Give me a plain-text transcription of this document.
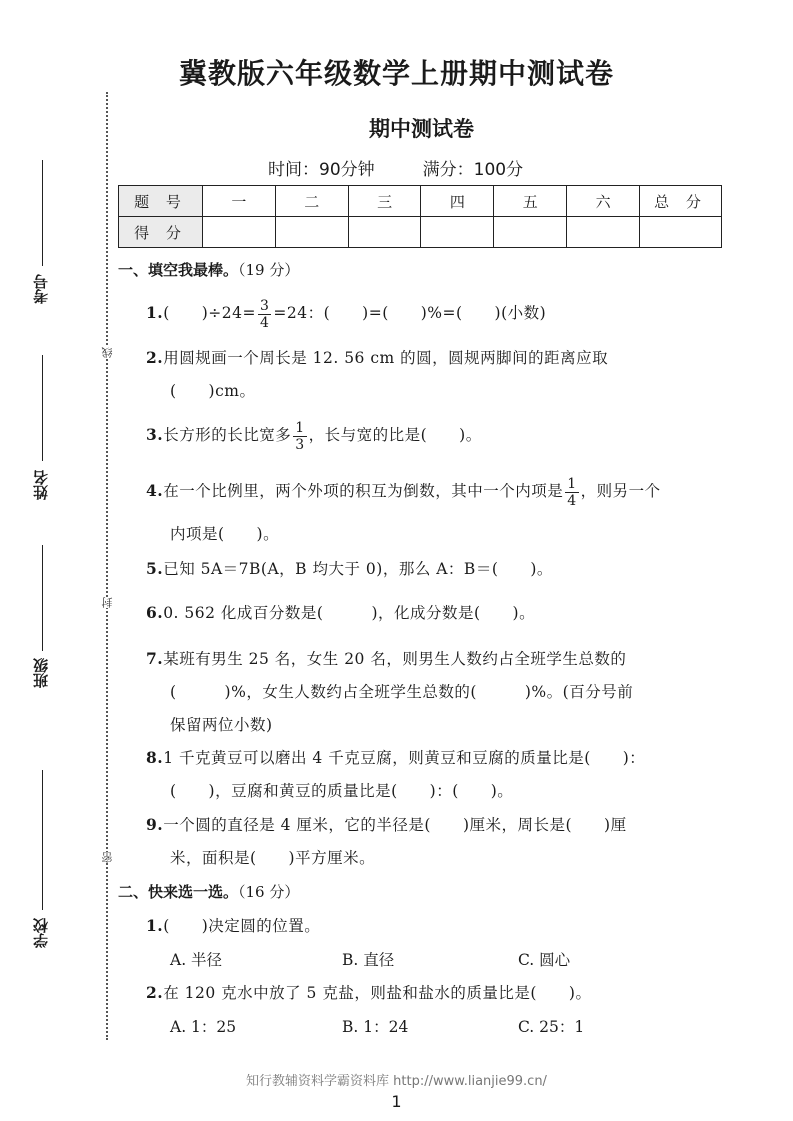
冀教版六年级数学上册期中测试卷
期中测试卷
时间：90分钟	满分：100分
考号
姓名
班级
学校
线
封
密
题 号	一	二	三	四	五	六	总 分
得 分							
一、填空我最棒。（19 分）
1.(　　)$\div 24= \frac{3}{4} =24$：(　　)=(　　)%=(　　)(小数)
2.用圆规画一个周长是 12. 56 cm 的圆，圆规两脚间的距离应取
(　　)cm。
3.长方形的长比宽多 $\frac{1}{3}$ ，长与宽的比是(　　)。
4.在一个比例里，两个外项的积互为倒数，其中一个内项是 $\frac{1}{4}$ ，则另一个
内项是(　　)。
5.已知 5A＝7B(A，B 均大于 0)，那么 A：B＝(　　)。
6.0. 562 化成百分数是(　　　)，化成分数是(　　)。
7.某班有男生 25 名，女生 20 名，则男生人数约占全班学生总数的
(　　　)%，女生人数约占全班学生总数的(　　　)%。(百分号前
保留两位小数)
8.1 千克黄豆可以磨出 4 千克豆腐，则黄豆和豆腐的质量比是(　　)：
(　　)，豆腐和黄豆的质量比是(　　)：(　　)。
9.一个圆的直径是 4 厘米，它的半径是(　　)厘米，周长是(　　)厘
米，面积是(　　)平方厘米。
二、快来选一选。（16 分）
1.(　　)决定圆的位置。
A. 半径	B. 直径	C. 圆心
2.在 120 克水中放了 5 克盐，则盐和盐水的质量比是(　　)。
A. 1：25	B. 1：24	C. 25：1
知行教辅资料学霸资料库 http://www.lianjie99.cn/
1
